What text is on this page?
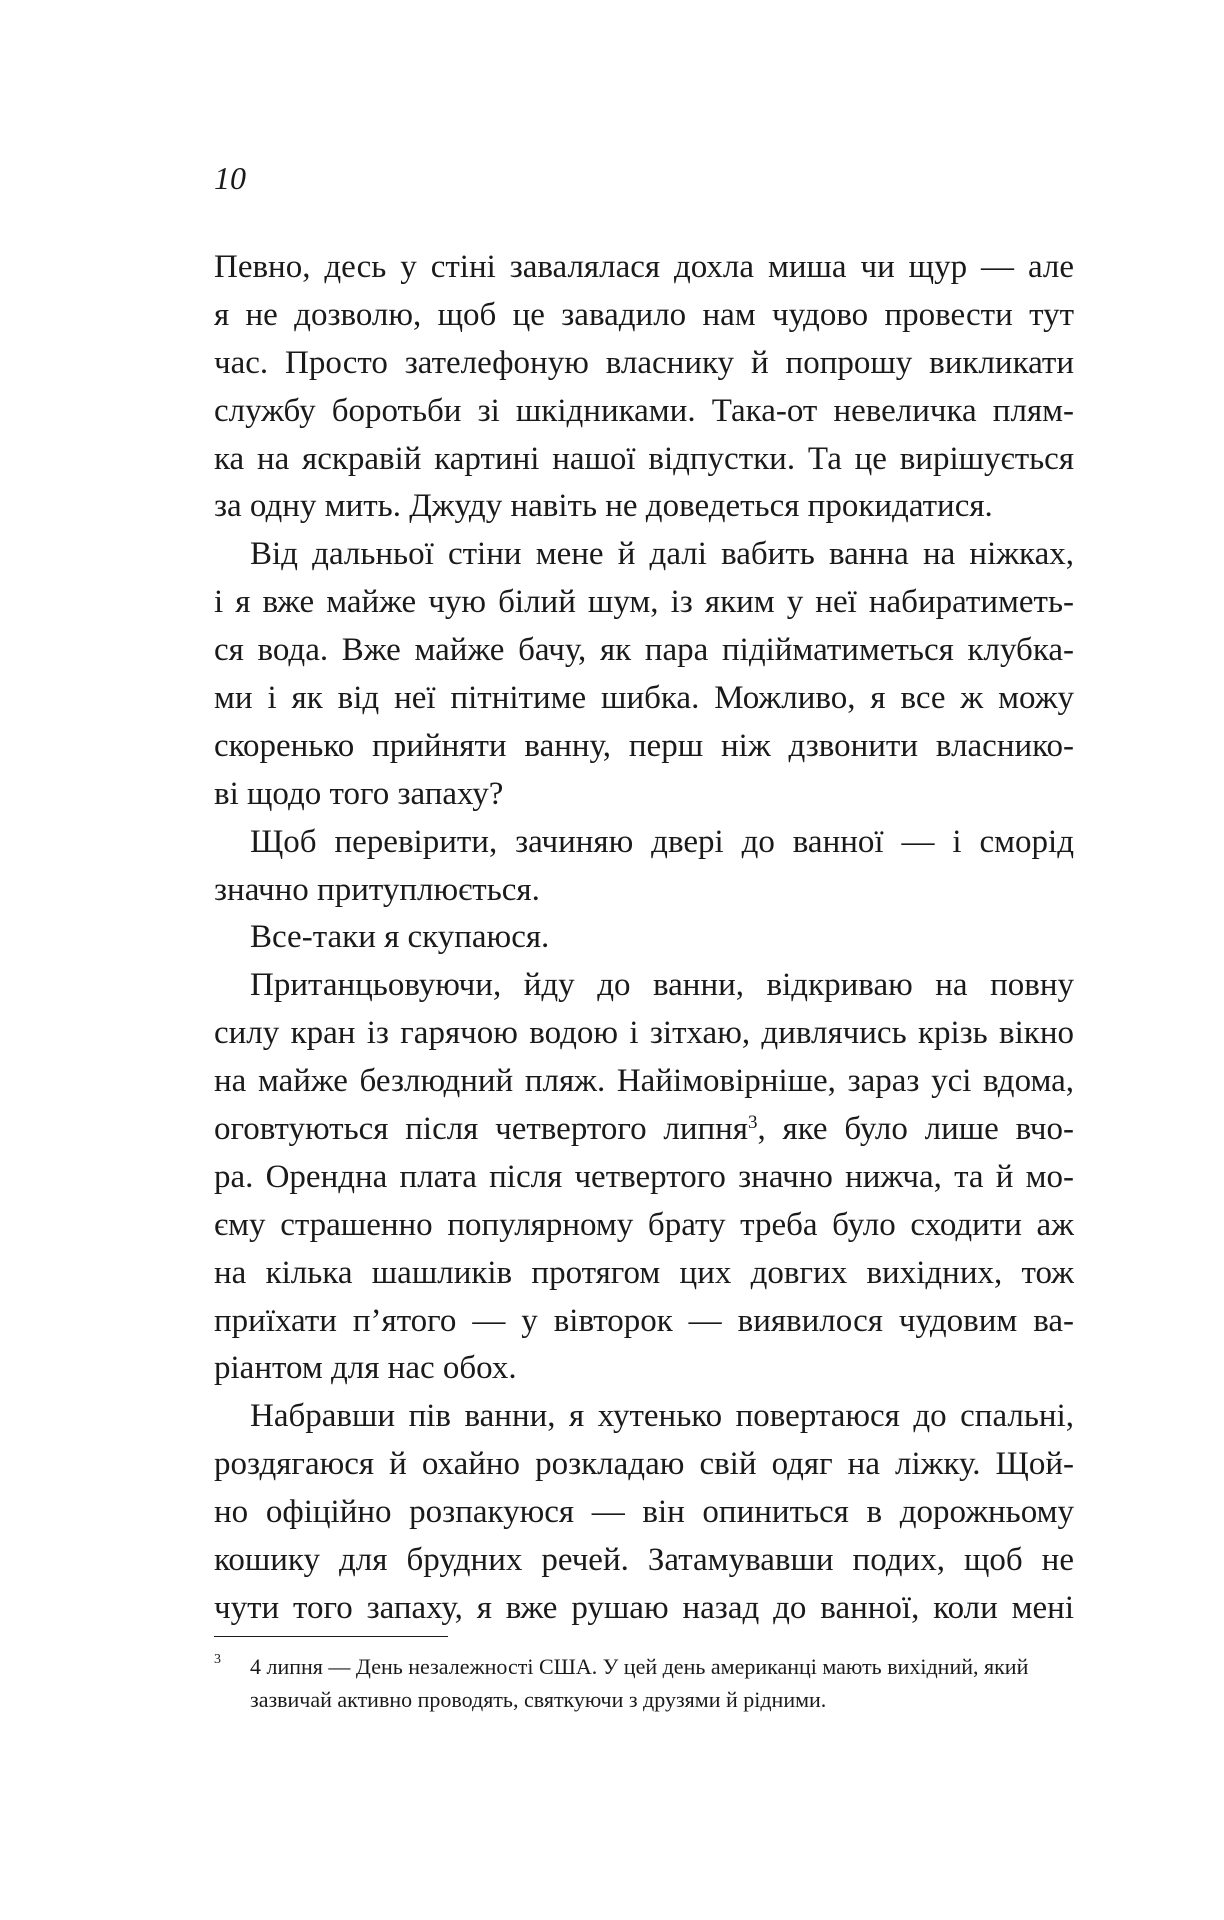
10
Певно, десь у стіні завалялася дохла миша чи щур — але
я не дозволю, щоб це завадило нам чудово провести тут
час. Просто зателефоную власнику й попрошу викликати
службу боротьби зі шкідниками. Така-от невеличка плям-
ка на яскравій картині нашої відпустки. Та це вирішується
за одну мить. Джуду навіть не доведеться прокидатися.
Від дальньої стіни мене й далі вабить ванна на ніжках,
і я вже майже чую білий шум, із яким у неї набиратиметь-
ся вода. Вже майже бачу, як пара підійматиметься клубка-
ми і як від неї пітнітиме шибка. Можливо, я все ж можу
скоренько прийняти ванну, перш ніж дзвонити власнико-
ві щодо того запаху?
Щоб перевірити, зачиняю двері до ванної — і сморід
значно притуплюється.
Все-таки я скупаюся.
Пританцьовуючи, йду до ванни, відкриваю на повну
силу кран із гарячою водою і зітхаю, дивлячись крізь вікно
на майже безлюдний пляж. Найімовірніше, зараз усі вдома,
оговтуються після четвертого липня$^3$, яке було лише вчо-
ра. Орендна плата після четвертого значно нижча, та й мо-
єму страшенно популярному брату треба було сходити аж
на кілька шашликів протягом цих довгих вихідних, тож
приїхати п’ятого — у вівторок — виявилося чудовим ва-
ріантом для нас обох.
Набравши пів ванни, я хутенько повертаюся до спальні,
роздягаюся й охайно розкладаю свій одяг на ліжку. Щой-
но офіційно розпакуюся — він опиниться в дорожньому
кошику для брудних речей. Затамувавши подих, щоб не
чути того запаху, я вже рушаю назад до ванної, коли мені
3	4 липня — День незалежності США. У цей день американці мають вихідний, який
зазвичай активно проводять, святкуючи з друзями й рідними.
